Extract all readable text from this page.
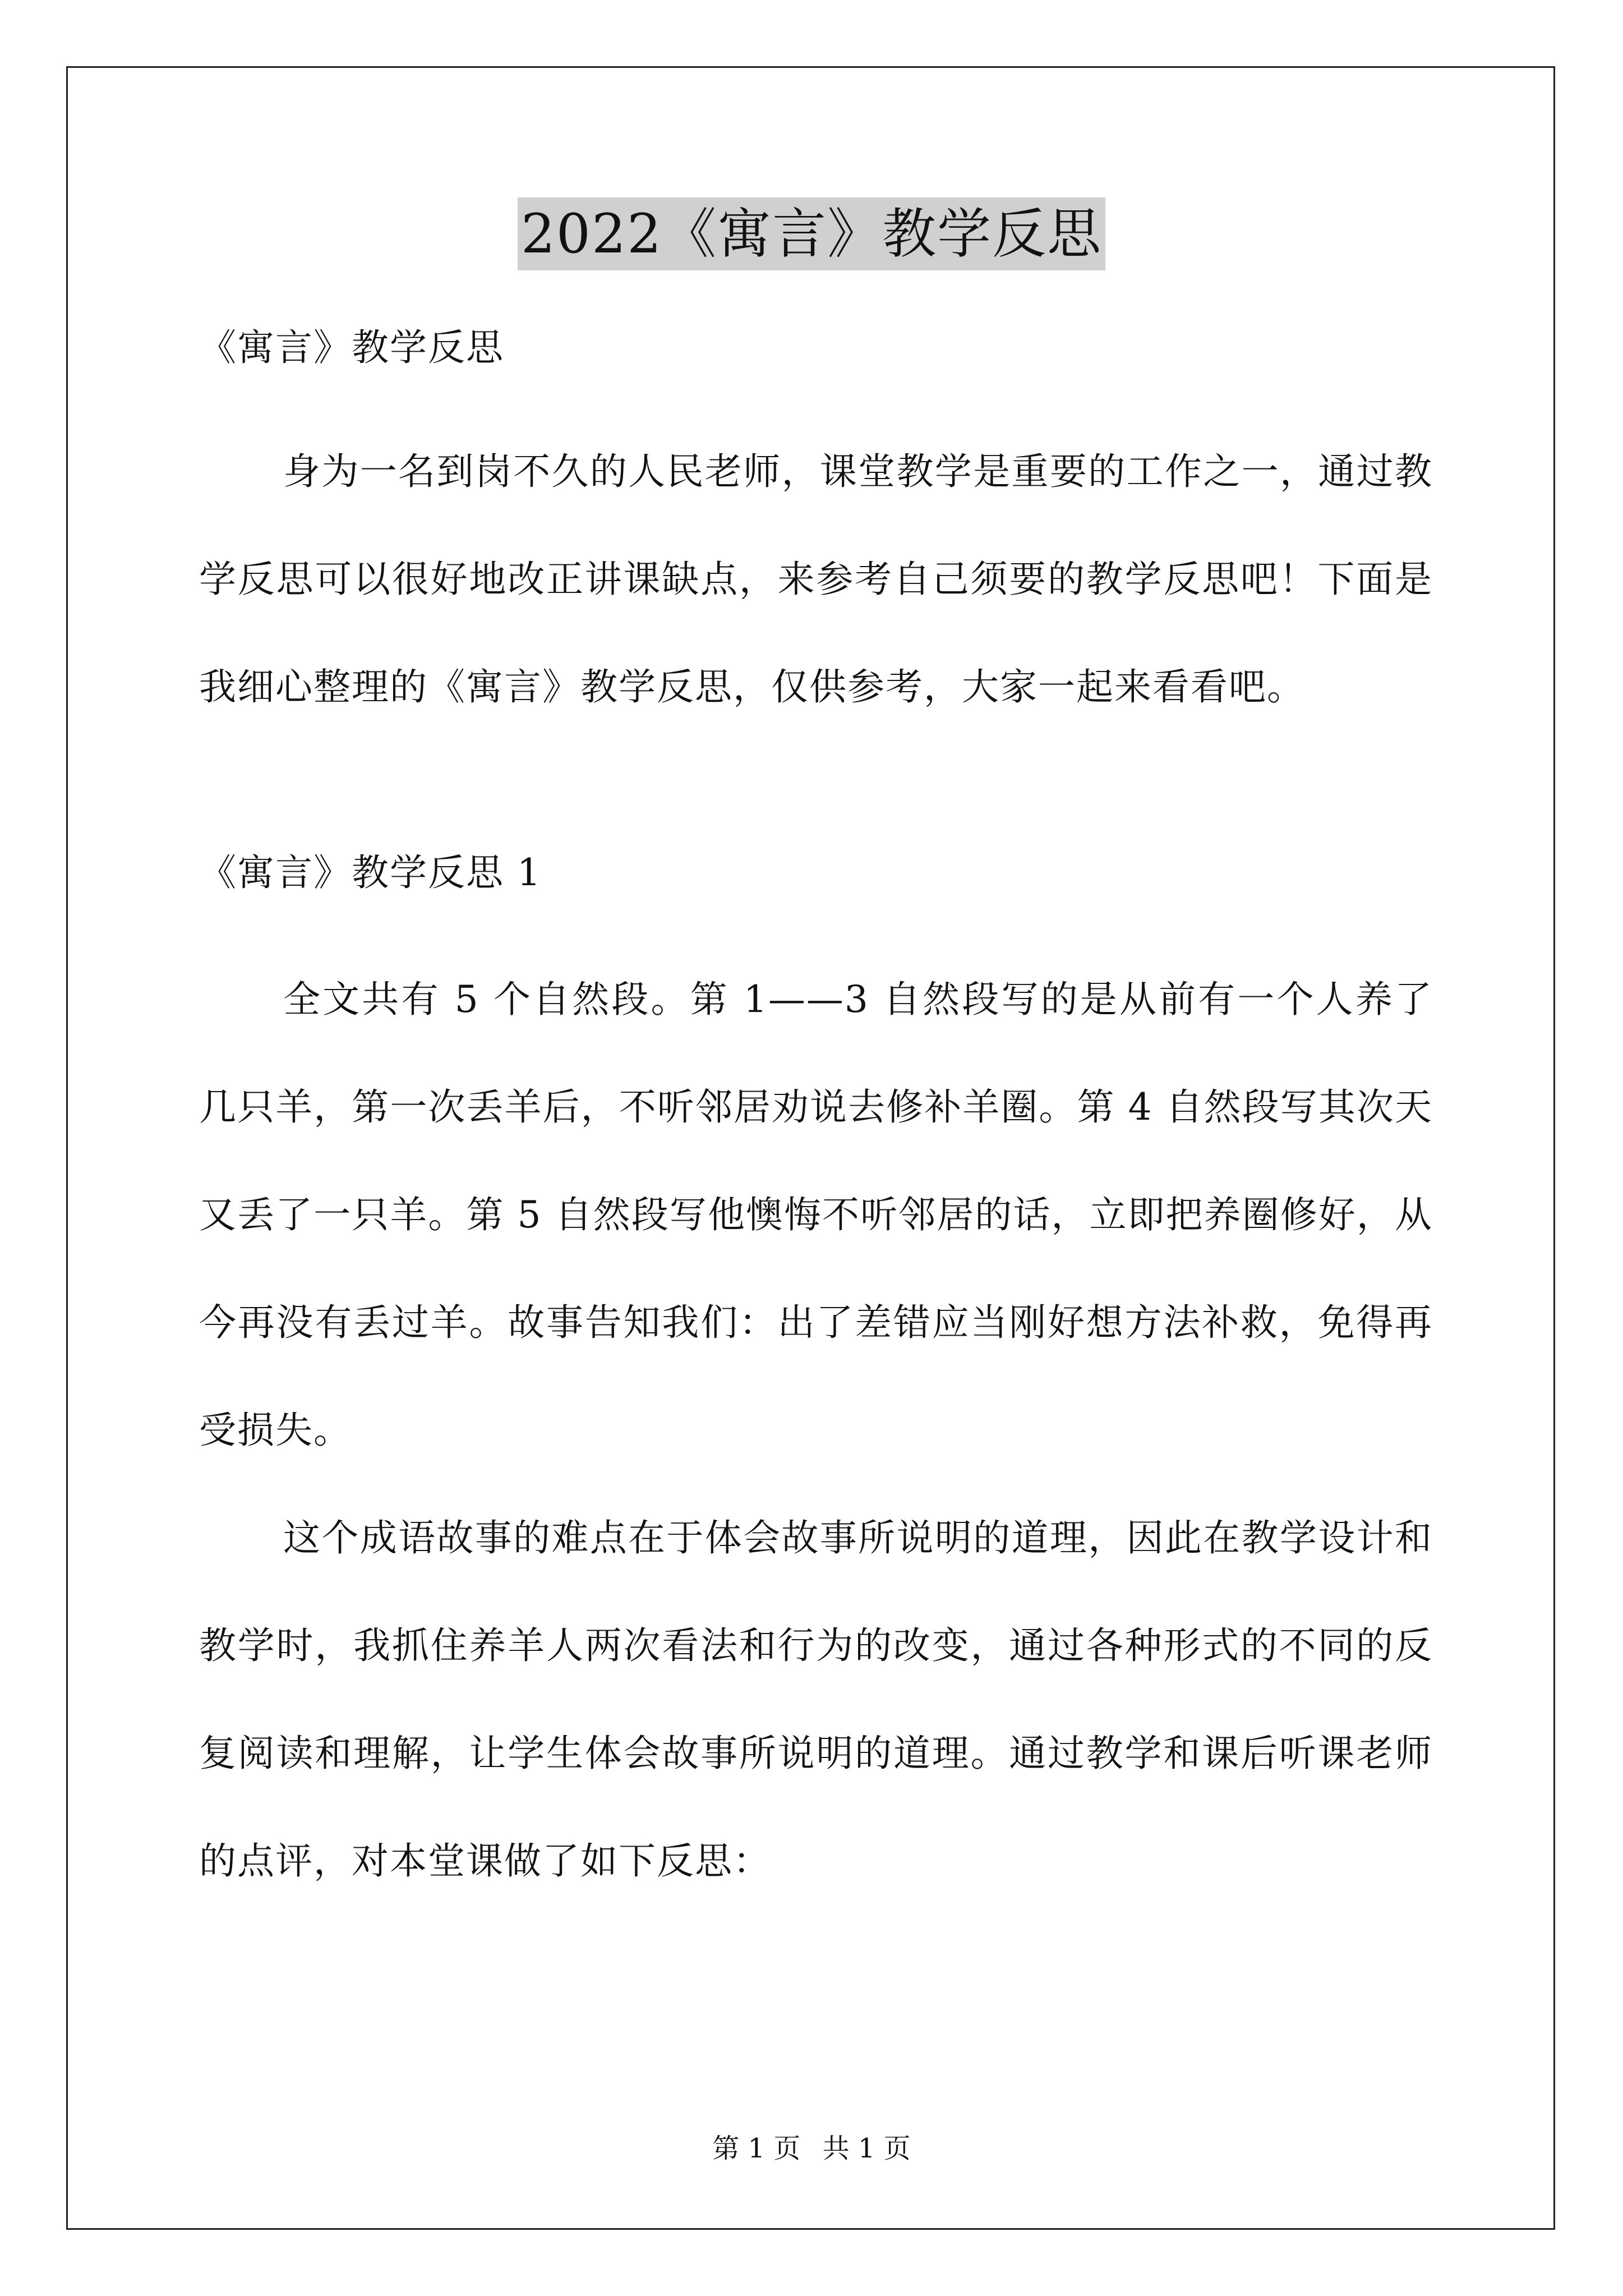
2022《寓言》教学反思

《寓言》教学反思

身为一名到岗不久的人民老师，课堂教学是重要的工作之一，通过教学反思可以很好地改正讲课缺点，来参考自己须要的教学反思吧！下面是我细心整理的《寓言》教学反思，仅供参考，大家一起来看看吧。

《寓言》教学反思 1

全文共有 5 个自然段。第 1——3 自然段写的是从前有一个人养了几只羊，第一次丢羊后，不听邻居劝说去修补羊圈。第 4 自然段写其次天又丢了一只羊。第 5 自然段写他懊悔不听邻居的话，立即把养圈修好，从今再没有丢过羊。故事告知我们：出了差错应当刚好想方法补救，免得再受损失。

这个成语故事的难点在于体会故事所说明的道理，因此在教学设计和教学时，我抓住养羊人两次看法和行为的改变，通过各种形式的不同的反复阅读和理解，让学生体会故事所说明的道理。通过教学和课后听课老师的点评，对本堂课做了如下反思：

第 1 页 共 1 页
